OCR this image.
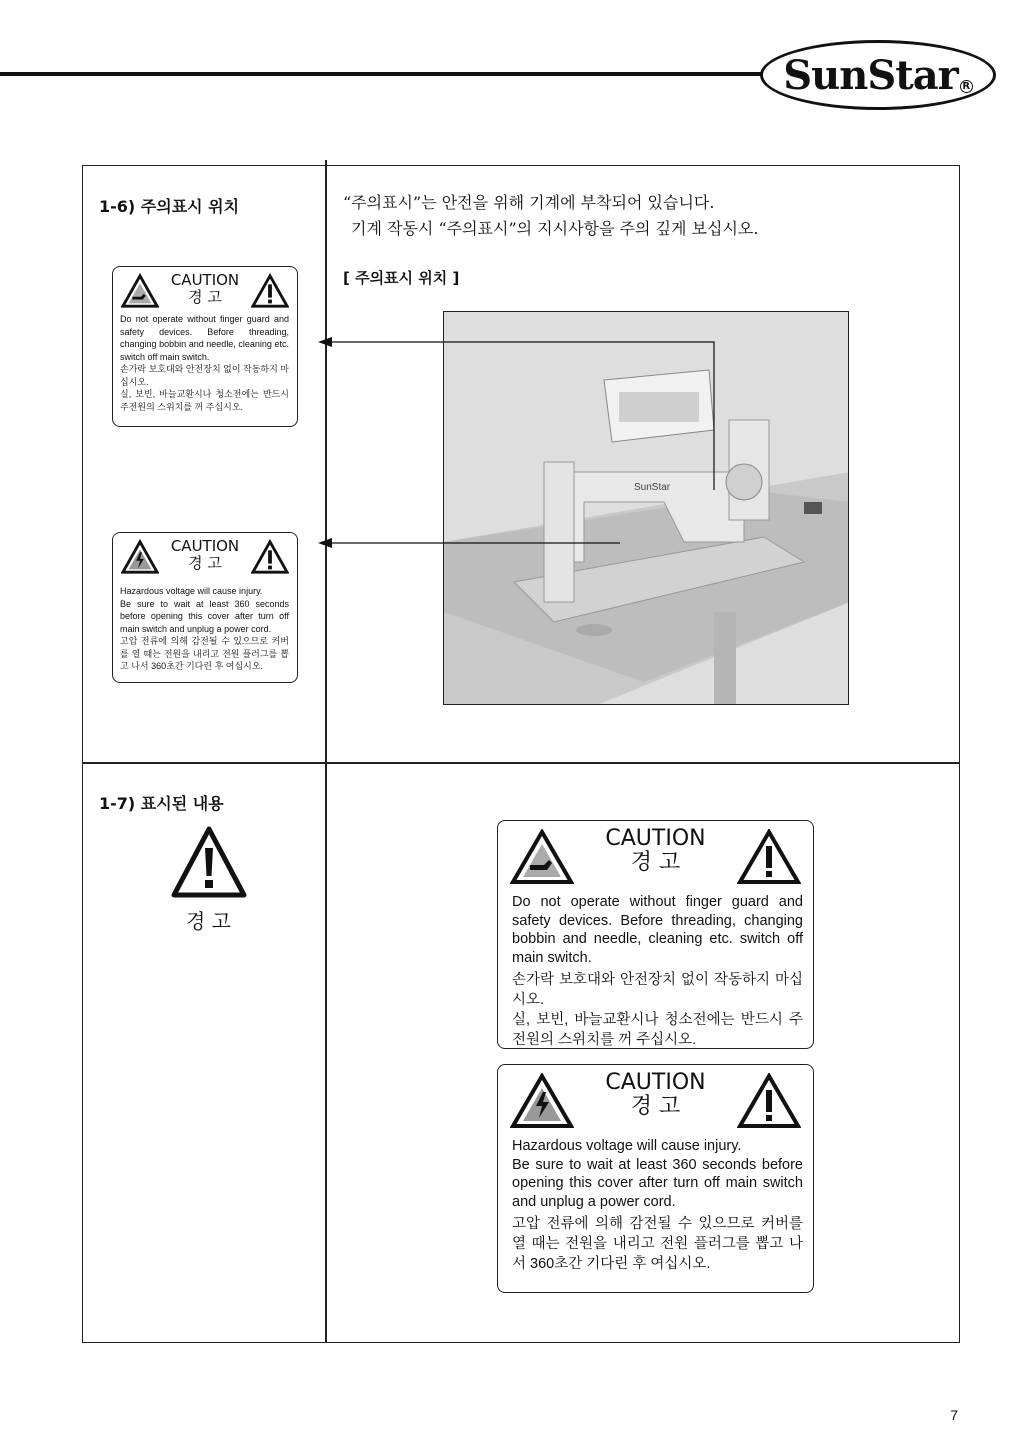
SunStar R
1-6) 주의표시 위치	“주의표시”는 안전을 위해 기계에 부착되어 있습니다.
기계 작동시 “주의표시”의 지시사항을 주의 깊게 보십시오.
[ 주의표시 위치 ]
CAUTION
경 고
Do not operate without finger guard and safety devices. Before threading, changing bobbin and needle, cleaning etc. switch off main switch.
손가락 보호대와 안전장치 없이 작동하지 마십시오.
실, 보빈, 바늘교환시나 청소전에는 반드시 주전원의 스위치를 꺼 주십시오.
CAUTION
경 고
Hazardous voltage will cause injury.
Be sure to wait at least 360 seconds before opening this cover after turn off main switch and unplug a power cord.
고압 전류에 의해 감전될 수 있으므로 커버를 열 때는 전원을 내리고 전원 플러그를 뽑고 나서 360초간 기다린 후 여십시오.
SunStar
1-7) 표시된 내용
경 고
CAUTION
경 고
Do not operate without finger guard and safety devices. Before threading, changing bobbin and needle, cleaning etc. switch off main switch.
손가락 보호대와 안전장치 없이 작동하지 마십시오.
실, 보빈, 바늘교환시나 청소전에는 반드시 주전원의 스위치를 꺼 주십시오.
CAUTION
경 고
Hazardous voltage will cause injury.
Be sure to wait at least 360 seconds before opening this cover after turn off main switch and unplug a power cord.
고압 전류에 의해 감전될 수 있으므로 커버를 열 때는 전원을 내리고 전원 플러그를 뽑고 나서 360초간 기다린 후 여십시오.
7
